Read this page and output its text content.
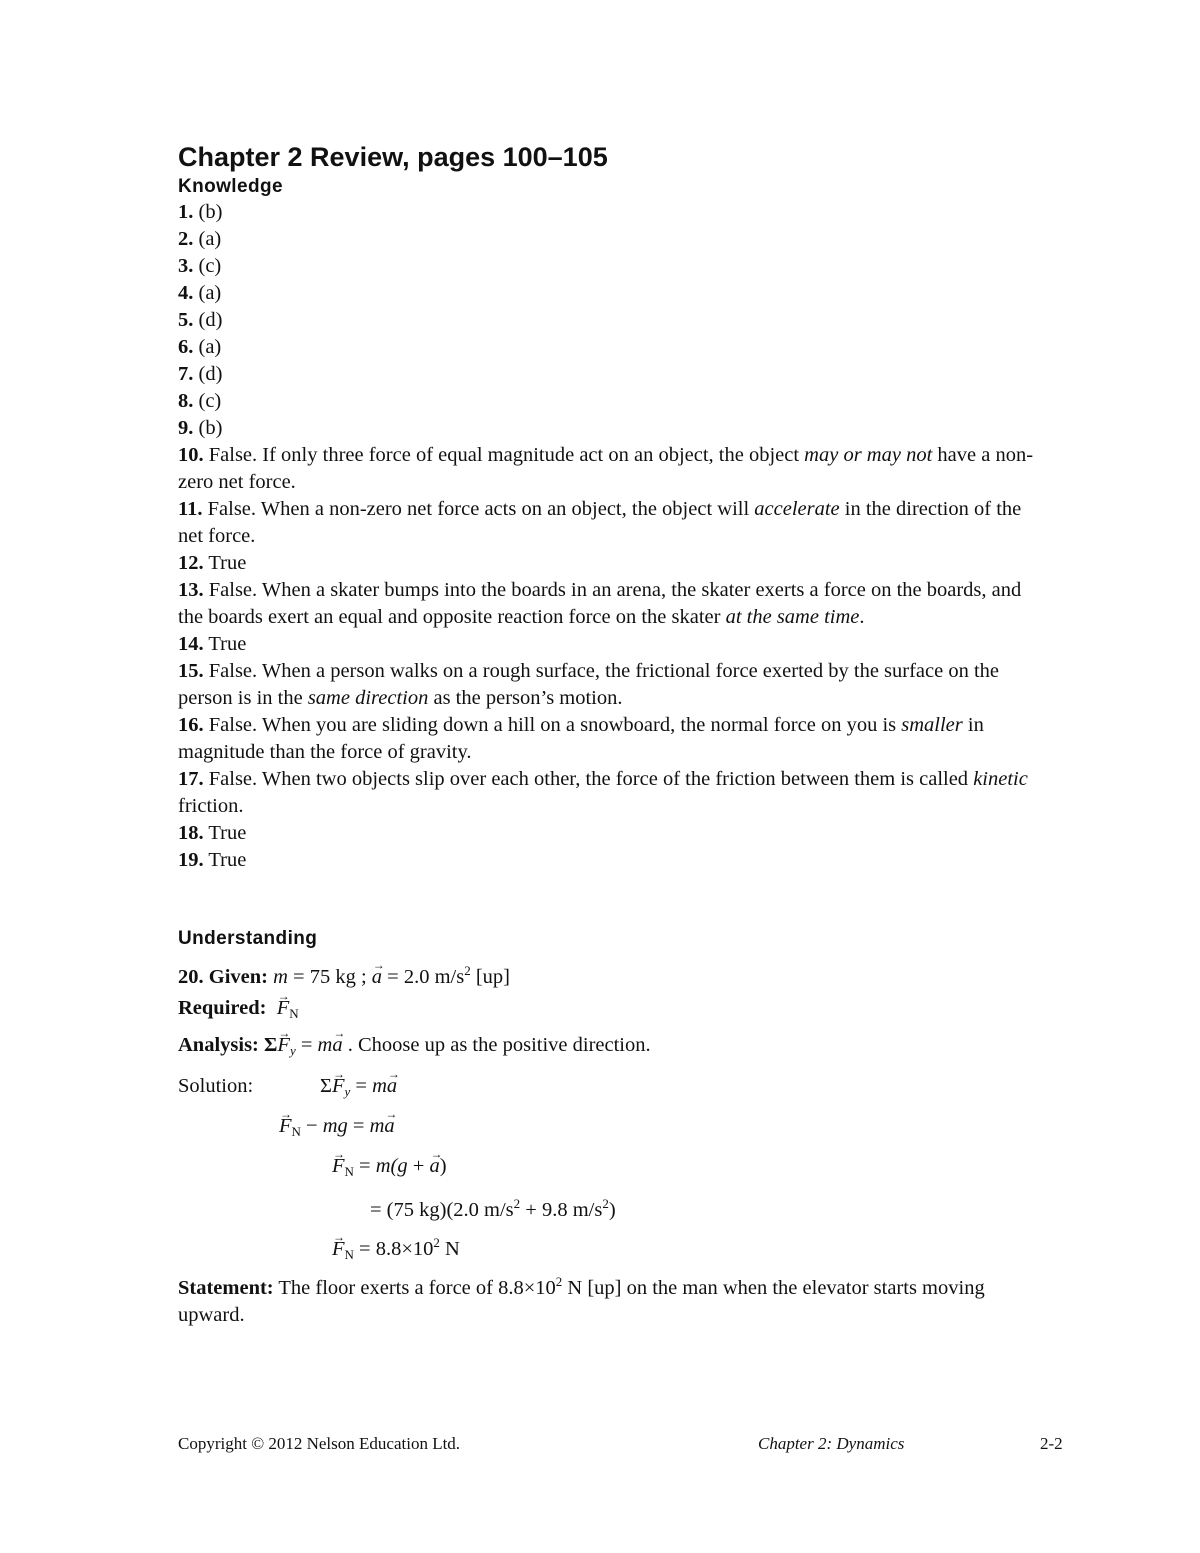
Chapter 2 Review, pages 100–105
Knowledge

1. (b)

2. (a)

3. (c)

4. (a)

5. (d)

6. (a)

7. (d)

8. (c)

9. (b)

10. False. If only three force of equal magnitude act on an object, the object may or may not have a non-zero net force.

11. False. When a non-zero net force acts on an object, the object will accelerate in the direction of the net force.

12. True

13. False. When a skater bumps into the boards in an arena, the skater exerts a force on the boards, and the boards exert an equal and opposite reaction force on the skater at the same time.

14. True

15. False. When a person walks on a rough surface, the frictional force exerted by the surface on the person is in the same direction as the person’s motion.

16. False. When you are sliding down a hill on a snowboard, the normal force on you is smaller in magnitude than the force of gravity.

17. False. When two objects slip over each other, the force of the friction between them is called kinetic friction.

18. True

19. True

Understanding

20. Given: m = 75 kg ; → a = 2.0 $m/s^2$ [up]

Required:  → $F_N$

Analysis: Σ→ Fy = m→ a . Choose up as the positive direction.

Solution:	Σ→ Fy = m→ a
→ $F_N$ − mg = m→ a
→ $F_N = m(g$ + → a)
= (75 kg)(2.0 $m/s^2 + 9.8$ $m/s^2$)
→ $F_N = 8.8\times 10^2$ N

Statement: The floor exerts a force of $8.8\times 10^2$ N [up] on the man when the elevator starts moving upward.

Copyright © 2012 Nelson Education Ltd.	Chapter 2: Dynamics	2-2
